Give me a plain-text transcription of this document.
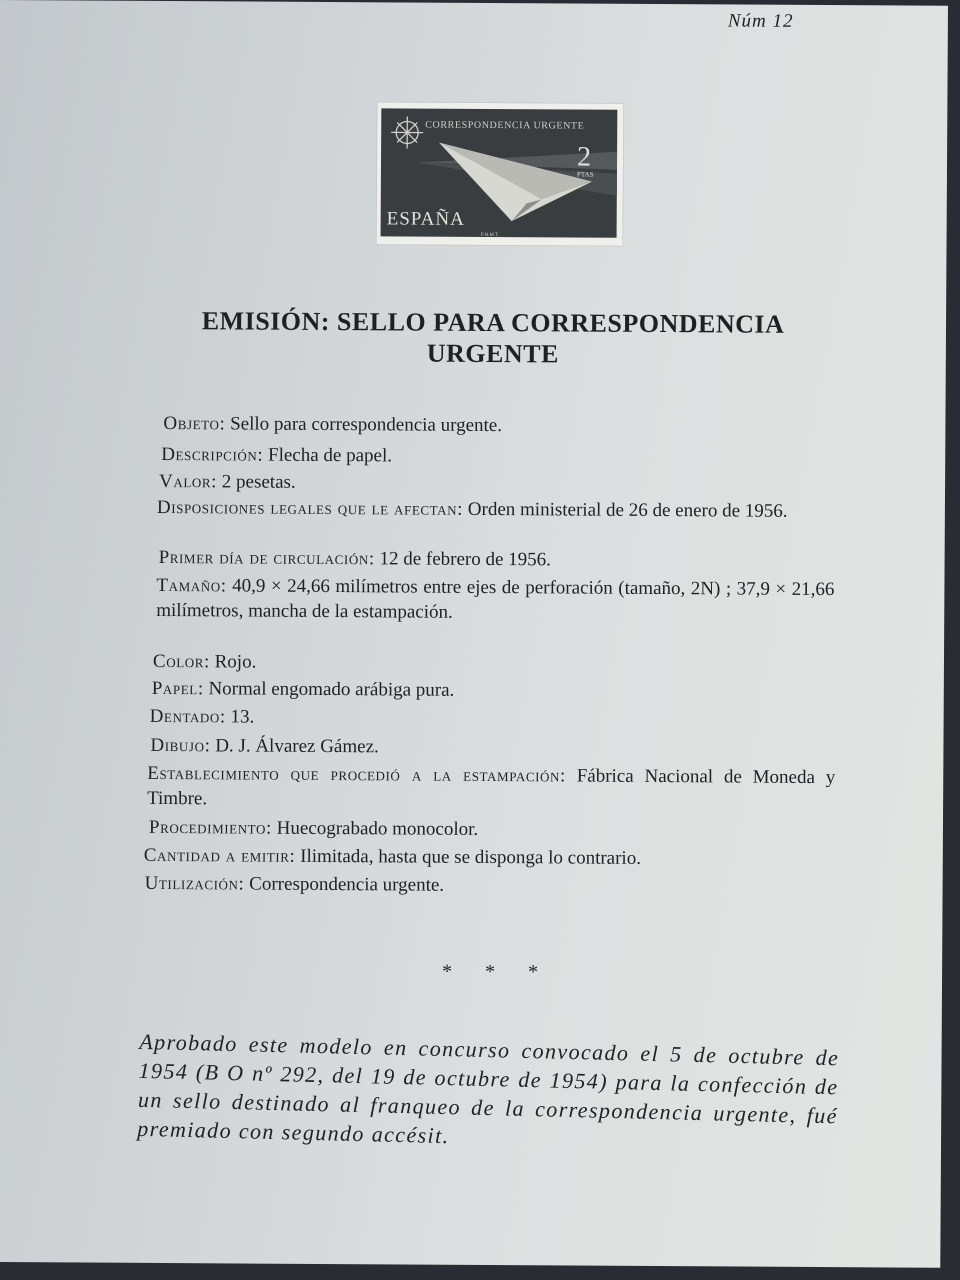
Núm 12
CORRESPONDENCIA URGENTE
2
PTAS
ESPAÑA
F.N.M.T.
EMISIÓN: SELLO PARA CORRESPONDENCIA
URGENTE

Objeto: Sello para correspondencia urgente.

Descripción: Flecha de papel.

Valor: 2 pesetas.

Disposiciones legales que le afectan: Orden ministerial de 26 de enero de 1956.

Primer día de circulación: 12 de febrero de 1956.

Tamaño: 40,9 × 24,66 milímetros entre ejes de perforación (tamaño, 2N) ; 37,9 × 21,66 milímetros, mancha de la estampación.

Color: Rojo.

Papel: Normal engomado arábiga pura.

Dentado: 13.

Dibujo: D. J. Álvarez Gámez.

Establecimiento que procedió a la estampación: Fábrica Nacional de Moneda y Timbre.

Procedimiento: Huecograbado monocolor.

Cantidad a emitir: Ilimitada, hasta que se disponga lo contrario.

Utilización: Correspondencia urgente.

* * *
Aprobado este modelo en concurso convocado el 5 de octubre de 1954 (B O nº 292, del 19 de octubre de 1954) para la confección de un sello destinado al franqueo de la correspondencia urgente, fué premiado con segundo accésit.
